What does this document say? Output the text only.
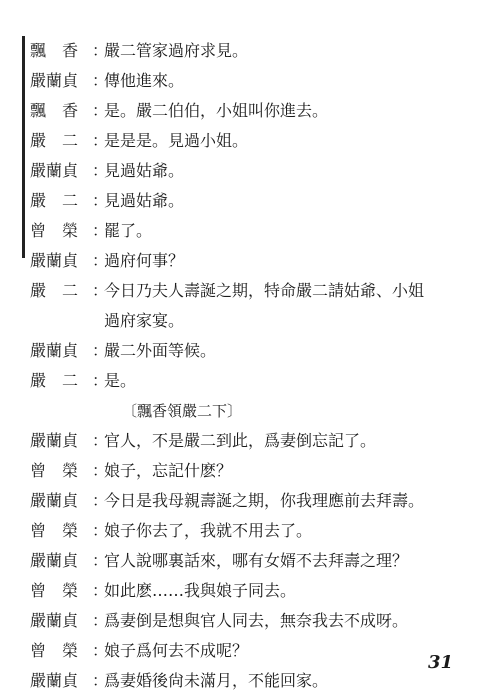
飄　香 ：
嚴二管家過府求見。
嚴蘭貞 ：
傳他進來。
飄　香 ：
是。嚴二伯伯，小姐叫你進去。
嚴　二 ：
是是是。見過小姐。
嚴蘭貞 ：
見過姑爺。
嚴　二 ：
見過姑爺。
曾　榮 ：
罷了。
嚴蘭貞 ：
過府何事？
嚴　二 ：
今日乃夫人壽誕之期，特命嚴二請姑爺、小姐
過府家宴。
嚴蘭貞 ：
嚴二外面等候。
嚴　二 ：
是。
〔飄香領嚴二下〕
嚴蘭貞 ：
官人，不是嚴二到此，爲妻倒忘記了。
曾　榮 ：
娘子，忘記什麽？
嚴蘭貞 ：
今日是我母親壽誕之期，你我理應前去拜壽。
曾　榮 ：
娘子你去了，我就不用去了。
嚴蘭貞 ：
官人說哪裏話來，哪有女婿不去拜壽之理？
曾　榮 ：
如此麽……我與娘子同去。
嚴蘭貞 ：
爲妻倒是想與官人同去，無奈我去不成呀。
曾　榮 ：
娘子爲何去不成呢？
嚴蘭貞 ：
爲妻婚後尙未滿月，不能回家。
31
